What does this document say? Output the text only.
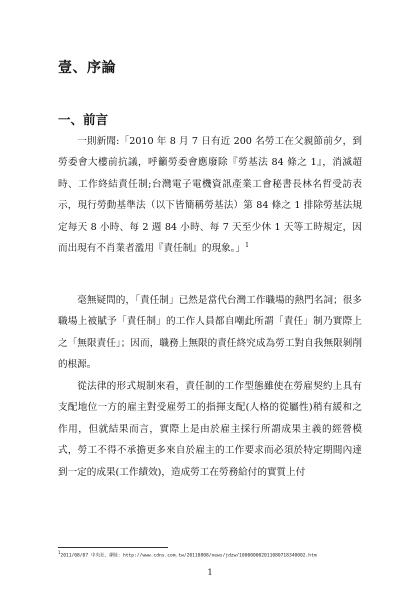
壹、序論
一、前言

一則新聞:「2010 年 8 月 7 日有近 200 名勞工在父親節前夕，到勞委會大樓前抗議，呼籲勞委會應廢除『勞基法 84 條之 1』，消滅超時、工作終結責任制;台灣電子電機資訊產業工會秘書長林名哲受訪表示，現行勞動基準法（以下皆簡稱勞基法）第 84 條之 1 排除勞基法規定每天 8 小時、每 2 週 84 小時、每 7 天至少休 1 天等工時規定，因而出現有不肖業者濫用『責任制』的現象。」$^1$

毫無疑問的，「責任制」已然是當代台灣工作職場的熱門名詞；很多職場上被賦予「責任制」的工作人員都自嘲此所謂「責任」制乃實際上之「無限責任」；因而，職務上無限的責任終究成為勞工對自我無限剝削的根源。

從法律的形式規制來看，責任制的工作型態雖使在勞雇契約上具有支配地位一方的雇主對受雇勞工的指揮支配(人格的從屬性)稍有緩和之作用，但就結果而言，實際上是由於雇主採行所謂成果主義的經營模式，勞工不得不承擔更多來自於雇主的工作要求而必須於特定期間內達到一定的成果(工作績效)，造成勞工在勞務給付的實質上付

$^1$2011/08/07 中央社，網址：http://www.cdns.com.tw/20110808/news/jdzw/100000002011080718340002.htm

1
